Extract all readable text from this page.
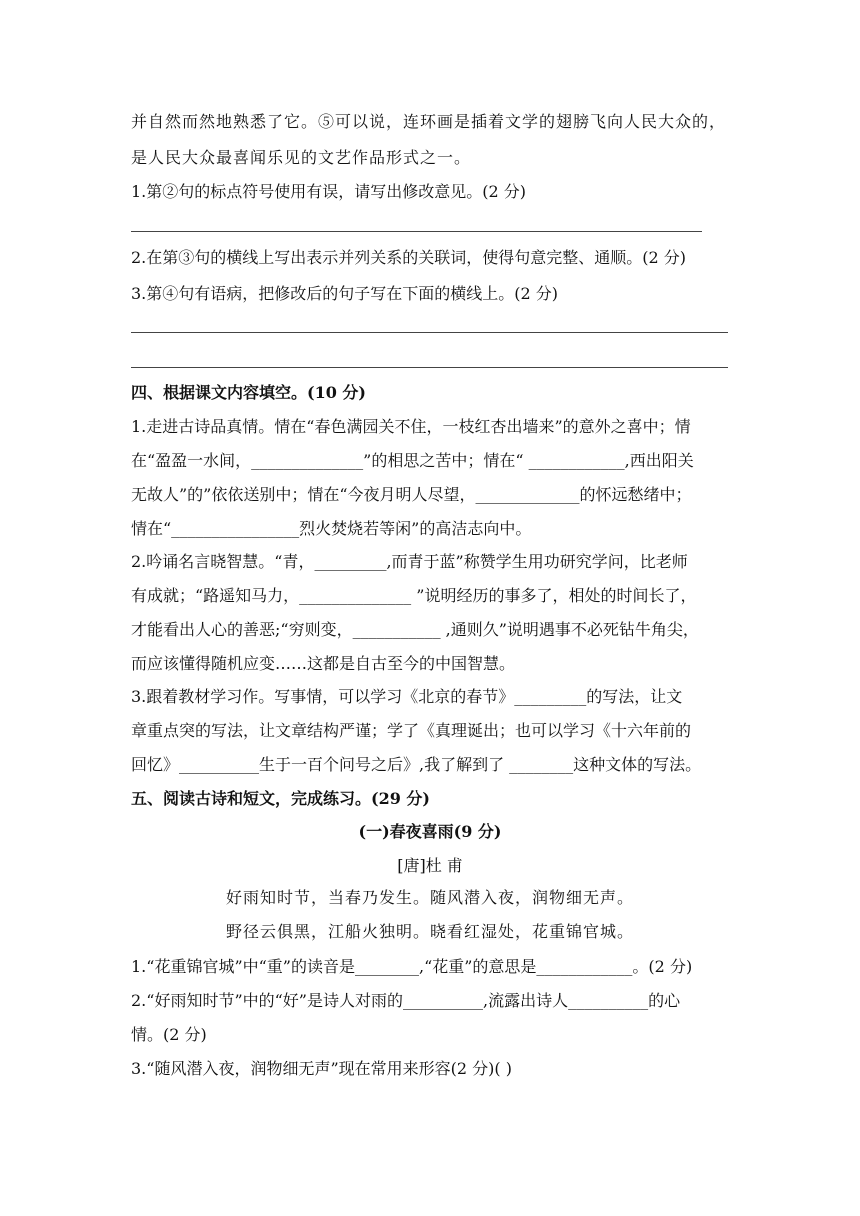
并自然而然地熟悉了它。⑤可以说，连环画是插着文学的翅膀飞向人民大众的，
是人民大众最喜闻乐见的文艺作品形式之一。
1.第②句的标点符号使用有误，请写出修改意见。(2 分)
2.在第③句的横线上写出表示并列关系的关联词，使得句意完整、通顺。(2 分)
3.第④句有语病，把修改后的句子写在下面的横线上。(2 分)
四、根据课文内容填空。(10 分)
1.走进古诗品真情。情在“春色满园关不住，一枝红杏出墙来”的意外之喜中；情
在“盈盈一水间，______________”的相思之苦中；情在“ ____________,西出阳关
无故人”的”依依送别中；情在“今夜月明人尽望，_____________的怀远愁绪中；
情在“________________烈火焚烧若等闲”的高洁志向中。
2.吟诵名言晓智慧。“青，_________,而青于蓝”称赞学生用功研究学问，比老师
有成就；“路遥知马力，______________ ”说明经历的事多了，相处的时间长了，
才能看出人心的善恶;“穷则变，___________ ,通则久”说明遇事不必死钻牛角尖，
而应该懂得随机应变……这都是自古至今的中国智慧。
3.跟着教材学习作。写事情，可以学习《北京的春节》_________的写法，让文
章重点突的写法，让文章结构严谨；学了《真理诞出；也可以学习《十六年前的
回忆》__________生于一百个问号之后》,我了解到了 ________这种文体的写法。
五、阅读古诗和短文，完成练习。(29 分)
(一)春夜喜雨(9 分)
[唐]杜 甫
好雨知时节，当春乃发生。随风潜入夜，润物细无声。
野径云俱黑，江船火独明。晓看红湿处，花重锦官城。
1.“花重锦官城”中“重”的读音是________,“花重”的意思是____________。(2 分)
2.“好雨知时节”中的“好”是诗人对雨的__________,流露出诗人__________的心
情。(2 分)
3.“随风潜入夜，润物细无声”现在常用来形容(2 分)( )
